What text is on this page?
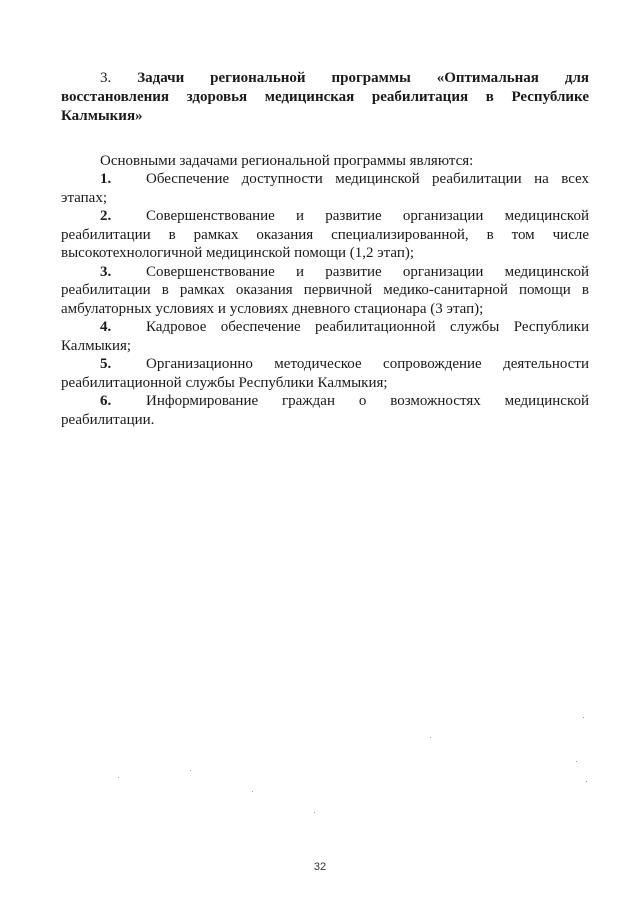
3. Задачи региональной программы «Оптимальная для восстановления здоровья медицинская реабилитация в Республике Калмыкия»

Основными задачами региональной программы являются:

1. Обеспечение доступности медицинской реабилитации на всех этапах;
2. Совершенствование и развитие организации медицинской реабилитации в рамках оказания специализированной, в том числе высокотехнологичной медицинской помощи (1,2 этап);
3. Совершенствование и развитие организации медицинской реабилитации в рамках оказания первичной медико-санитарной помощи в амбулаторных условиях и условиях дневного стационара (3 этап);
4. Кадровое обеспечение реабилитационной службы Республики Калмыкия;
5. Организационно методическое сопровождение деятельности реабилитационной службы Республики Калмыкия;
6. Информирование граждан о возможностях медицинской реабилитации.
32
